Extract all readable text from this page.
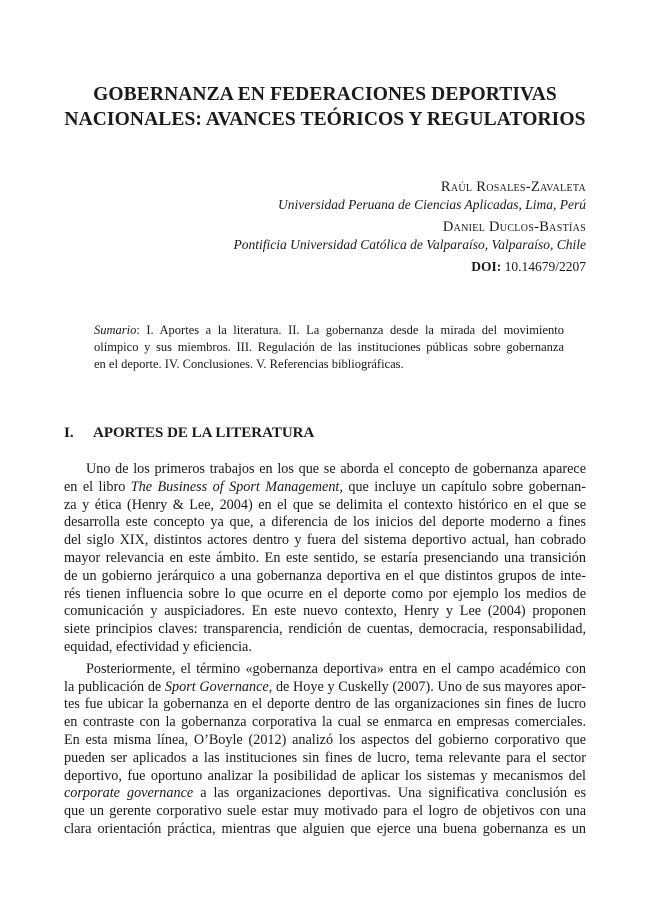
GOBERNANZA EN FEDERACIONES DEPORTIVAS
NACIONALES: AVANCES TEÓRICOS Y REGULATORIOS
Raúl Rosales-Zavaleta
Universidad Peruana de Ciencias Aplicadas, Lima, Perú
Daniel Duclos-Bastías
Pontificia Universidad Católica de Valparaíso, Valparaíso, Chile
DOI: 10.14679/2207
Sumario: I. Aportes a la literatura. II. La gobernanza desde la mirada del movimiento
olímpico y sus miembros. III. Regulación de las instituciones públicas sobre gobernanza
en el deporte. IV. Conclusiones. V. Referencias bibliográficas.
I. APORTES DE LA LITERATURA
Uno de los primeros trabajos en los que se aborda el concepto de gobernanza aparece
en el libro The Business of Sport Management, que incluye un capítulo sobre gobernan-
za y ética (Henry & Lee, 2004) en el que se delimita el contexto histórico en el que se
desarrolla este concepto ya que, a diferencia de los inicios del deporte moderno a fines
del siglo XIX, distintos actores dentro y fuera del sistema deportivo actual, han cobrado
mayor relevancia en este ámbito. En este sentido, se estaría presenciando una transición
de un gobierno jerárquico a una gobernanza deportiva en el que distintos grupos de inte-
rés tienen influencia sobre lo que ocurre en el deporte como por ejemplo los medios de
comunicación y auspiciadores. En este nuevo contexto, Henry y Lee (2004) proponen
siete principios claves: transparencia, rendición de cuentas, democracia, responsabilidad,
equidad, efectividad y eficiencia.
Posteriormente, el término «gobernanza deportiva» entra en el campo académico con
la publicación de Sport Governance, de Hoye y Cuskelly (2007). Uno de sus mayores apor-
tes fue ubicar la gobernanza en el deporte dentro de las organizaciones sin fines de lucro
en contraste con la gobernanza corporativa la cual se enmarca en empresas comerciales.
En esta misma línea, O’Boyle (2012) analizó los aspectos del gobierno corporativo que
pueden ser aplicados a las instituciones sin fines de lucro, tema relevante para el sector
deportivo, fue oportuno analizar la posibilidad de aplicar los sistemas y mecanismos del
corporate governance a las organizaciones deportivas. Una significativa conclusión es
que un gerente corporativo suele estar muy motivado para el logro de objetivos con una
clara orientación práctica, mientras que alguien que ejerce una buena gobernanza es un
